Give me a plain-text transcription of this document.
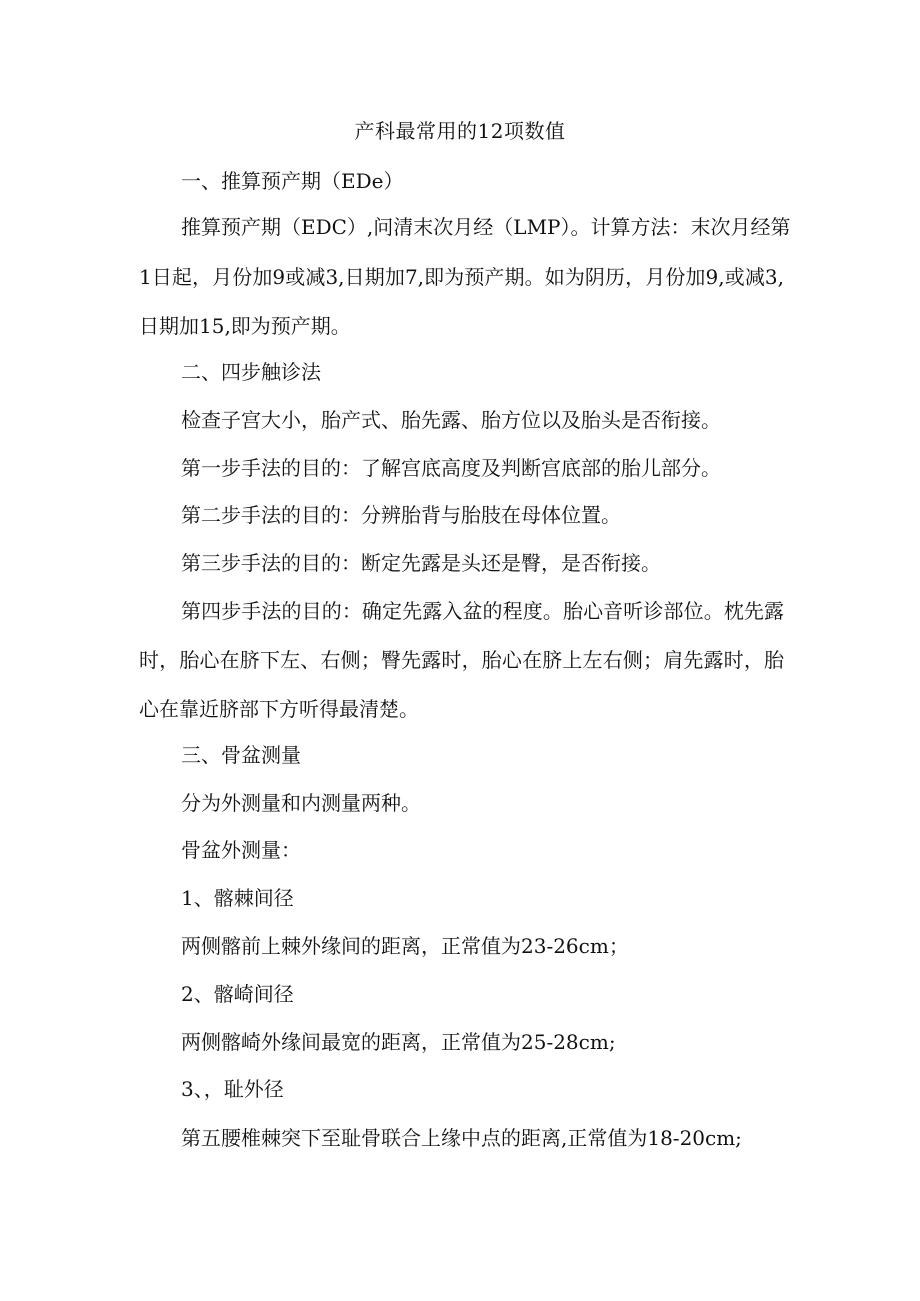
产科最常用的12项数值
一、推算预产期（EDe）
推算预产期（EDC）,问清末次月经（LMP）。计算方法：末次月经第
1日起，月份加9或减3,日期加7,即为预产期。如为阴历，月份加9,或减3,
日期加15,即为预产期。
二、四步触诊法
检查子宫大小，胎产式、胎先露、胎方位以及胎头是否衔接。
第一步手法的目的：了解宫底高度及判断宫底部的胎儿部分。
第二步手法的目的：分辨胎背与胎肢在母体位置。
第三步手法的目的：断定先露是头还是臀，是否衔接。
第四步手法的目的：确定先露入盆的程度。胎心音听诊部位。枕先露
时，胎心在脐下左、右侧；臀先露时，胎心在脐上左右侧；肩先露时，胎
心在靠近脐部下方听得最清楚。
三、骨盆测量
分为外测量和内测量两种。
骨盆外测量：
1、髂棘间径
两侧髂前上棘外缘间的距离，正常值为23-26cm；
2、髂崎间径
两侧髂崎外缘间最宽的距离，正常值为25-28cm;
3、，耻外径
第五腰椎棘突下至耻骨联合上缘中点的距离,正常值为18-20cm;
